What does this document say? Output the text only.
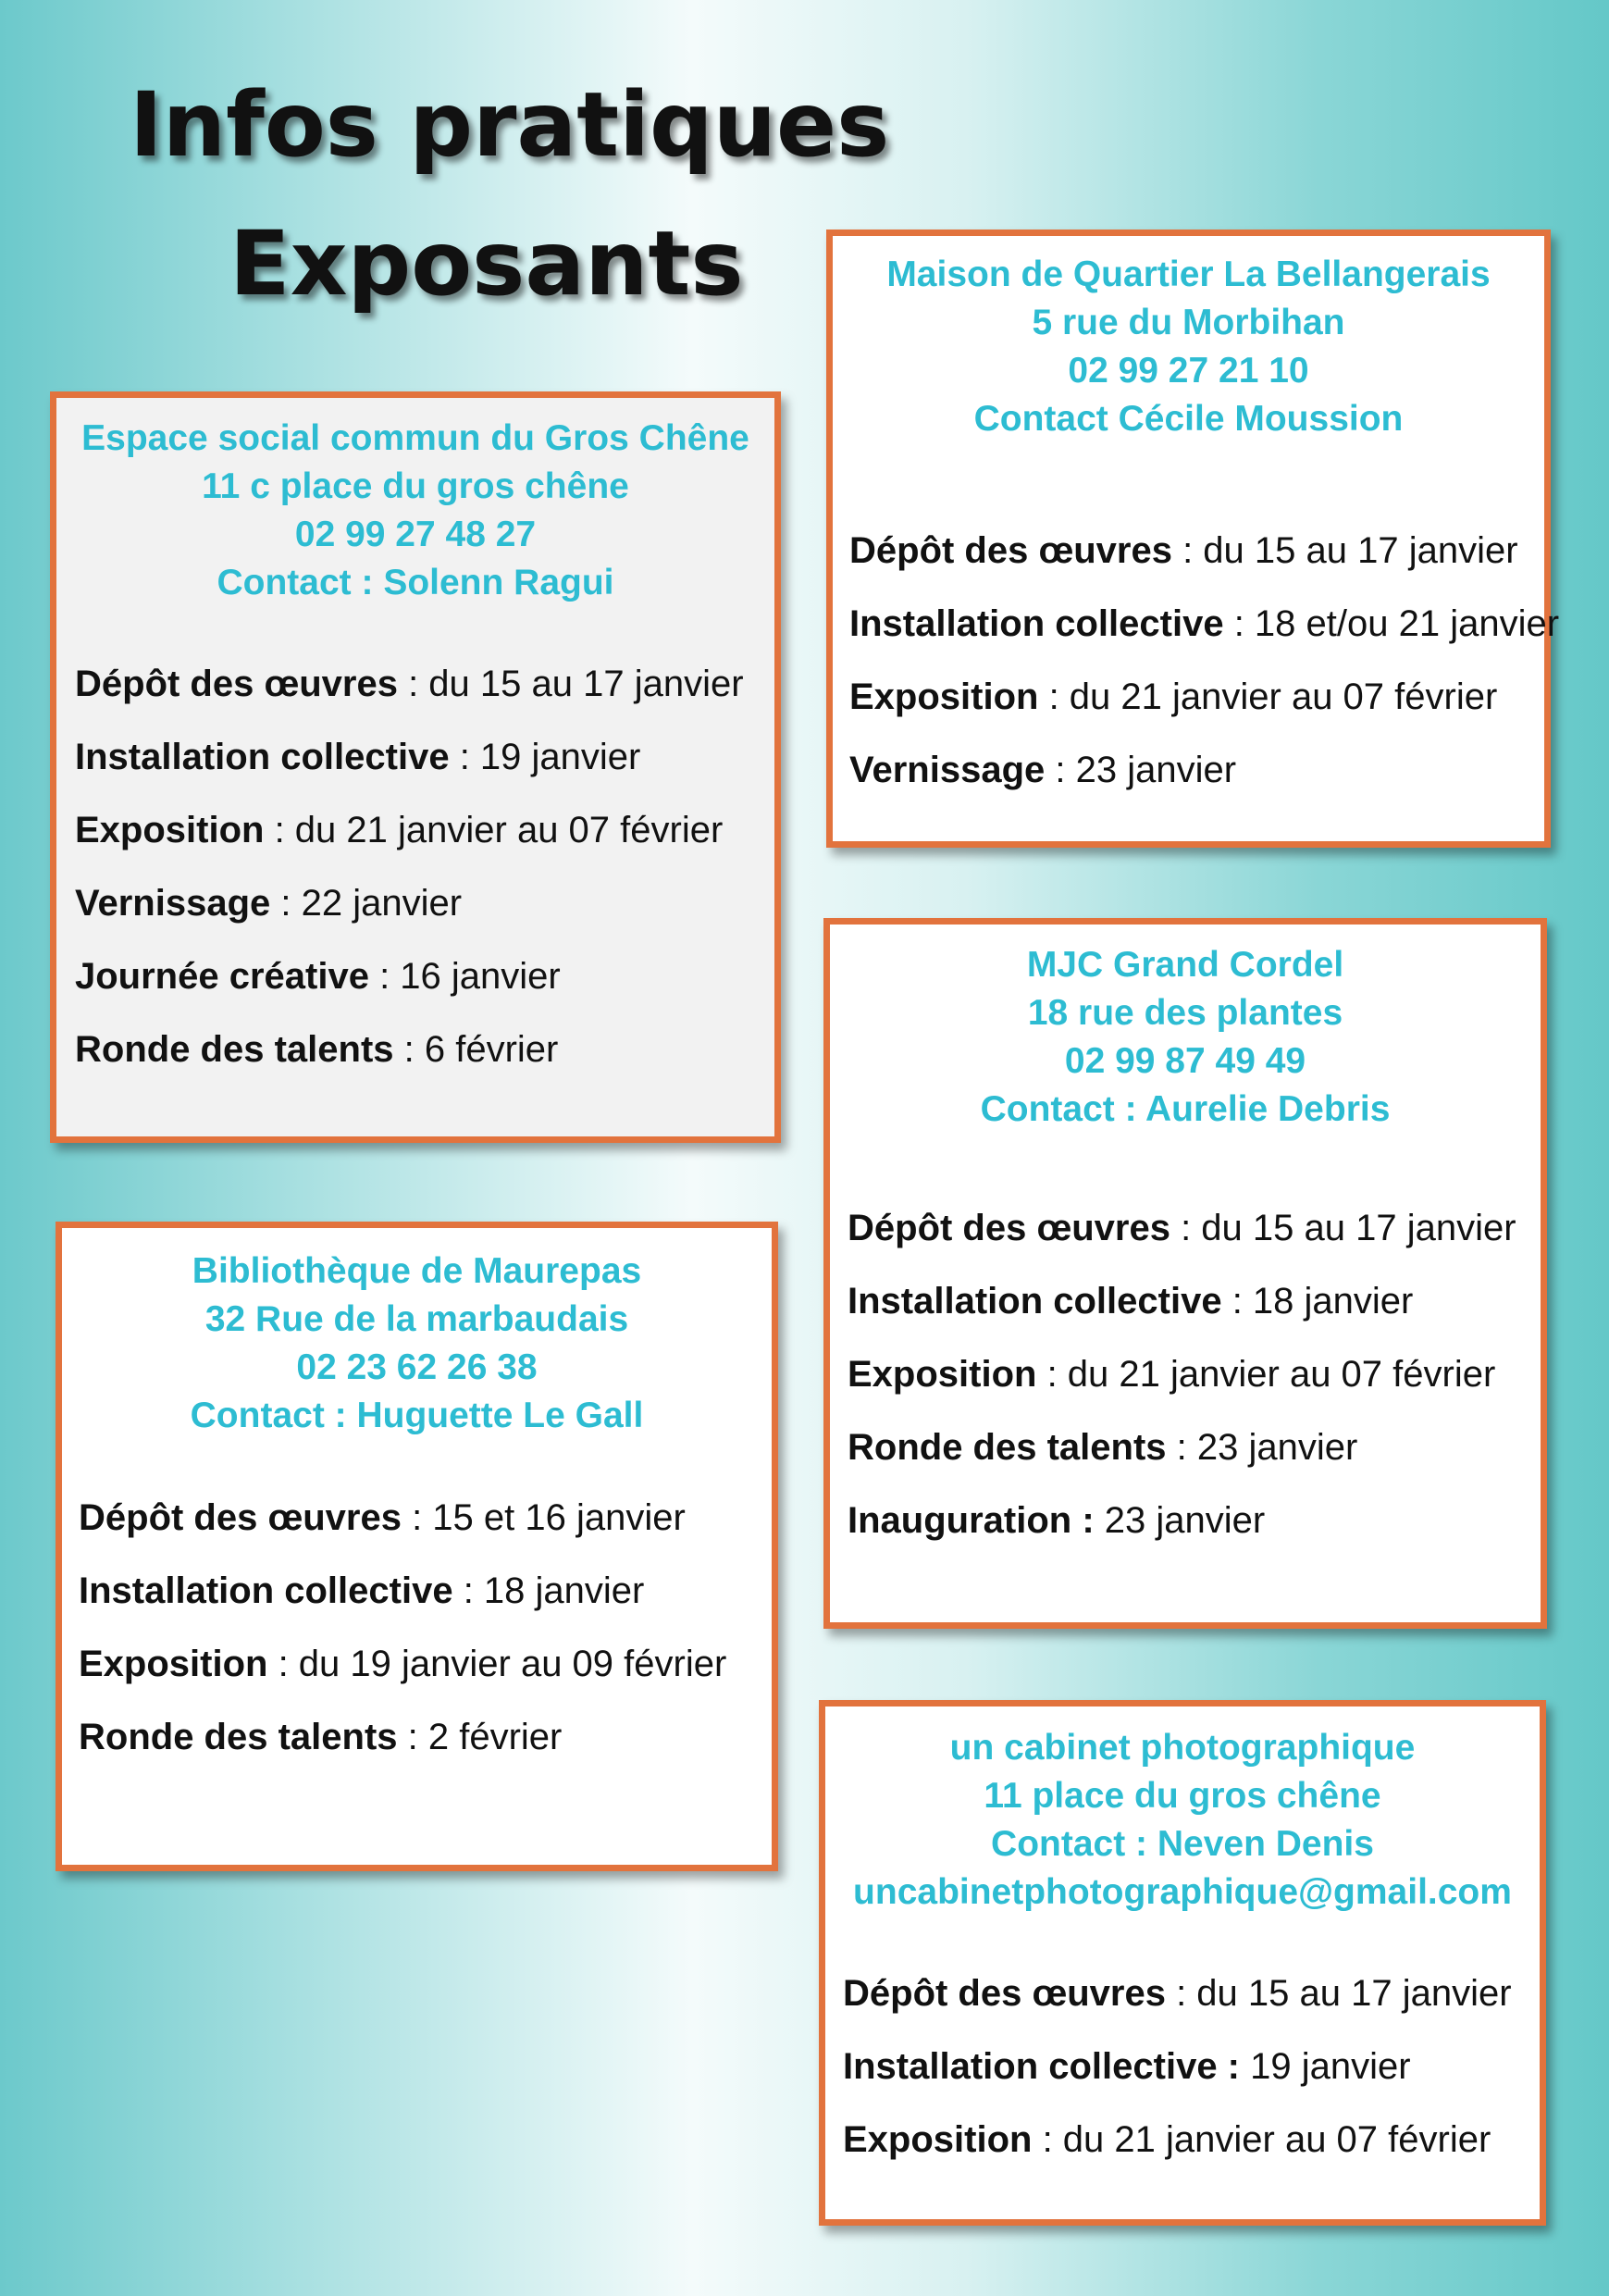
Infos pratiques
Exposants

Espace social commun du Gros Chêne

11 c place du gros chêne

02 99 27 48 27

Contact : Solenn Ragui

Dépôt des œuvres : du 15 au 17 janvier
Installation collective : 19 janvier
Exposition : du 21 janvier au 07 février
Vernissage : 22 janvier
Journée créative : 16 janvier
Ronde des talents : 6 février

Bibliothèque de Maurepas

32 Rue de la marbaudais

02 23 62 26 38

Contact : Huguette Le Gall

Dépôt des œuvres : 15 et 16 janvier
Installation collective : 18 janvier
Exposition : du 19 janvier au 09 février
Ronde des talents : 2 février

Maison de Quartier La Bellangerais

5 rue du Morbihan

02 99 27 21 10

Contact Cécile Moussion

Dépôt des œuvres : du 15 au 17 janvier
Installation collective : 18 et/ou 21 janvier
Exposition : du 21 janvier au 07 février
Vernissage : 23 janvier

MJC Grand Cordel

18 rue des plantes

02 99 87 49 49

Contact : Aurelie Debris

Dépôt des œuvres : du 15 au 17 janvier
Installation collective : 18 janvier
Exposition : du 21 janvier au 07 février
Ronde des talents : 23 janvier
Inauguration : 23 janvier

un cabinet photographique

11 place du gros chêne

Contact : Neven Denis

uncabinetphotographique@gmail.com

Dépôt des œuvres : du 15 au 17 janvier
Installation collective : 19 janvier
Exposition : du 21 janvier au 07 février
